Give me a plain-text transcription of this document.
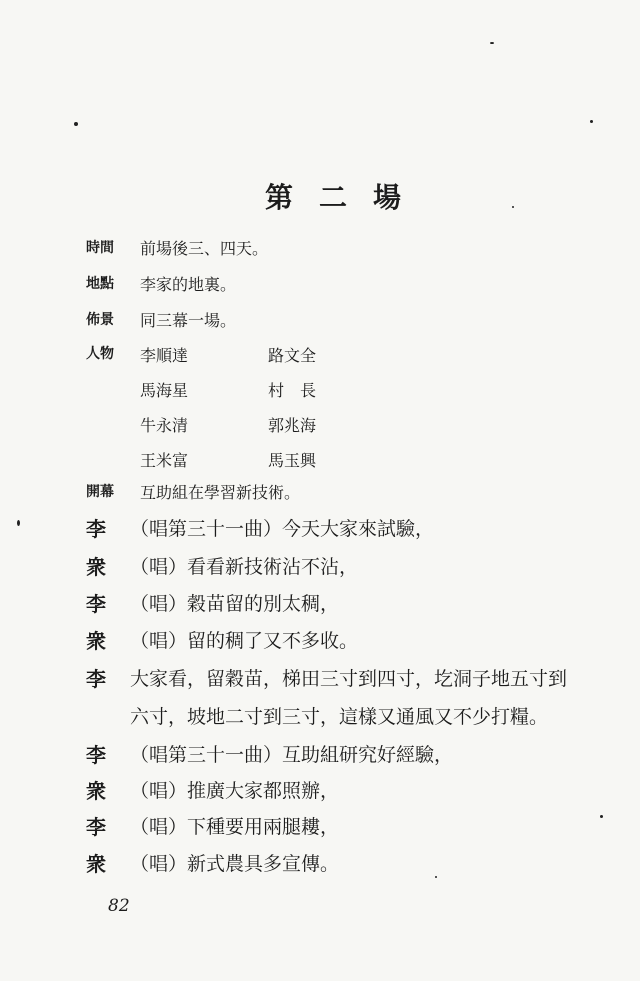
第二場
時間	前場後三、四天。
地點	李家的地裏。
佈景	同三幕一場。
人物	李順達	路文全
馬海星	村　長
牛永清	郭兆海
王米富	馬玉興
開幕	互助組在學習新技術。
李	（唱第三十一曲）今天大家來試驗，
衆	（唱）看看新技術沾不沾，
李	（唱）穀苗留的別太稠，
衆	（唱）留的稠了又不多收。
李	大家看，留穀苗，梯田三寸到四寸，圪洞子地五寸到
六寸，坡地二寸到三寸，這樣又通風又不少打糧。
李	（唱第三十一曲）互助組研究好經驗，
衆	（唱）推廣大家都照辦，
李	（唱）下種要用兩腿耬，
衆	（唱）新式農具多宣傳。
82
